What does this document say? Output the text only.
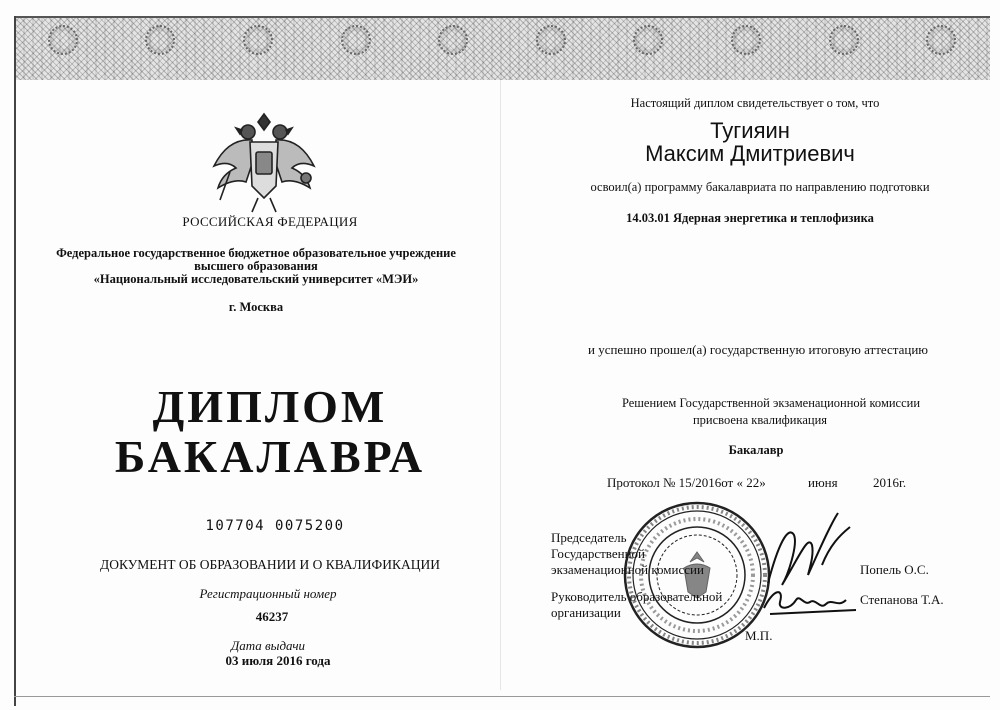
РОССИЙСКАЯ ФЕДЕРАЦИЯ
Федеральное государственное бюджетное образовательное учреждение
высшего образования
«Национальный исследовательский университет «МЭИ»
г. Москва
ДИПЛОМ
БАКАЛАВРА
107704 0075200
ДОКУМЕНТ ОБ ОБРАЗОВАНИИ И О КВАЛИФИКАЦИИ
Регистрационный номер
46237
Дата выдачи
03 июля 2016 года
Настоящий диплом свидетельствует о том, что
Тугияин
Максим Дмитриевич
освоил(а) программу бакалавриата по направлению подготовки
14.03.01 Ядерная энергетика и теплофизика
и успешно прошел(а) государственную итоговую аттестацию
Решением Государственной экзаменационной комиссии
присвоена квалификация
Бакалавр
Протокол № 15/2016от « 22»	июня	2016г.
Председатель
Государственной
экзаменационной комиссии
Руководитель образовательной
организации
Попель О.С.
Степанова Т.А.
М.П.
